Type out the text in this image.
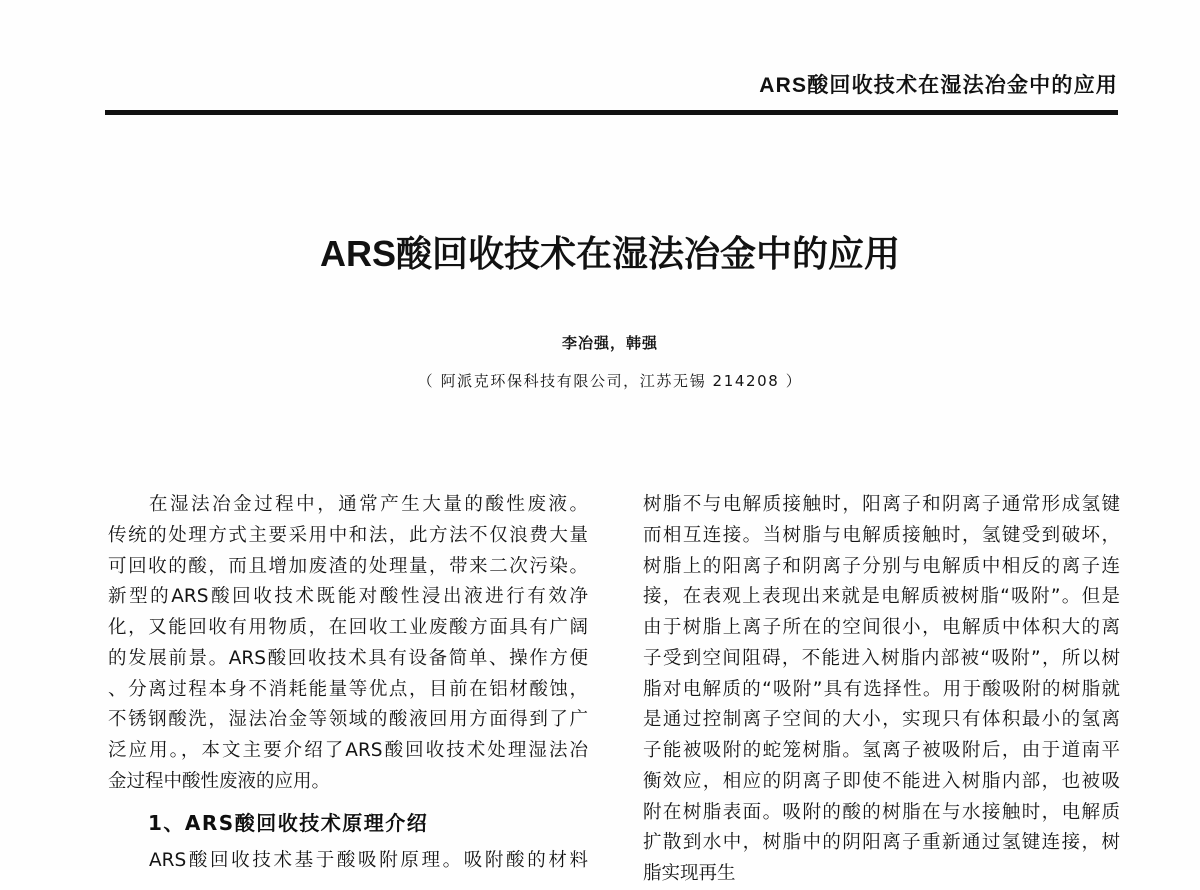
ARS酸回收技术在湿法冶金中的应用
ARS酸回收技术在湿法冶金中的应用
李冶强，韩强
（ 阿派克环保科技有限公司，江苏无锡 214208 ）
在湿法冶金过程中，通常产生大量的酸性废液。
传统的处理方式主要采用中和法，此方法不仅浪费大量
可回收的酸，而且增加废渣的处理量，带来二次污染。
新型的ARS酸回收技术既能对酸性浸出液进行有效净
化，又能回收有用物质，在回收工业废酸方面具有广阔
的发展前景。ARS酸回收技术具有设备简单、操作方便
、分离过程本身不消耗能量等优点，目前在铝材酸蚀，
不锈钢酸洗，湿法冶金等领域的酸液回用方面得到了广
泛应用。，本文主要介绍了ARS酸回收技术处理湿法冶
金过程中酸性废液的应用。
1、ARS酸回收技术原理介绍
ARS酸回收技术基于酸吸附原理。吸附酸的材料
树脂不与电解质接触时，阳离子和阴离子通常形成氢键
而相互连接。当树脂与电解质接触时，氢键受到破坏，
树脂上的阳离子和阴离子分别与电解质中相反的离子连
接，在表观上表现出来就是电解质被树脂“吸附”。但是
由于树脂上离子所在的空间很小，电解质中体积大的离
子受到空间阻碍，不能进入树脂内部被“吸附”，所以树
脂对电解质的“吸附”具有选择性。用于酸吸附的树脂就
是通过控制离子空间的大小，实现只有体积最小的氢离
子能被吸附的蛇笼树脂。氢离子被吸附后，由于道南平
衡效应，相应的阴离子即使不能进入树脂内部，也被吸
附在树脂表面。吸附的酸的树脂在与水接触时，电解质
扩散到水中，树脂中的阴阳离子重新通过氢键连接，树
脂实现再生
